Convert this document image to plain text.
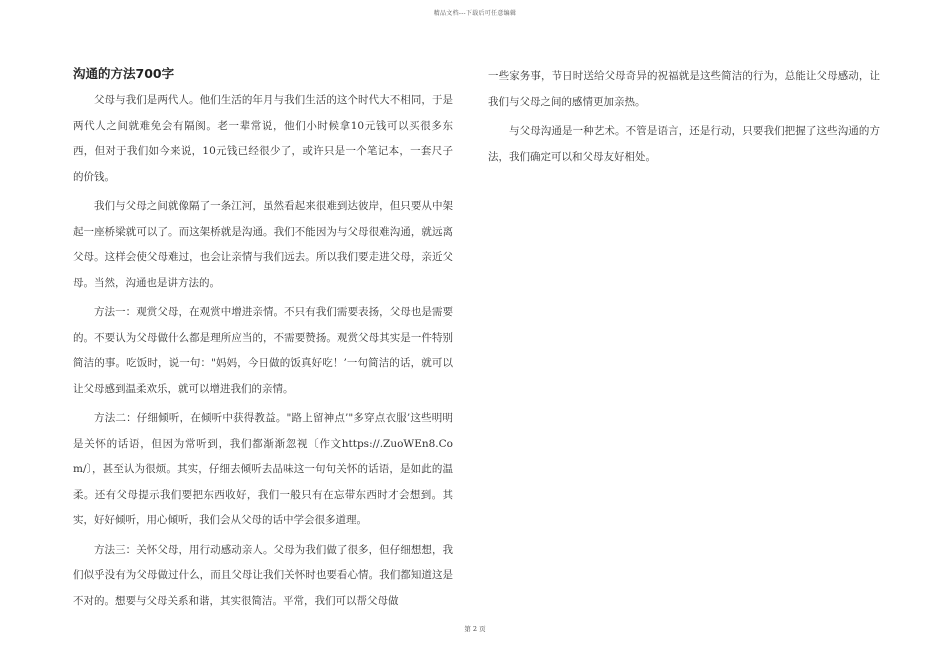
精品文档---下载后可任意编辑
沟通的方法700字

父母与我们是两代人。他们生活的年月与我们生活的这个时代大不相同，于是两代人之间就难免会有隔阂。老一辈常说，他们小时候拿10元钱可以买很多东西，但对于我们如今来说，10元钱已经很少了，或许只是一个笔记本，一套尺子的价钱。

我们与父母之间就像隔了一条江河，虽然看起来很难到达彼岸，但只要从中架起一座桥梁就可以了。而这架桥就是沟通。我们不能因为与父母很难沟通，就远离父母。这样会使父母难过，也会让亲情与我们远去。所以我们要走进父母，亲近父母。当然，沟通也是讲方法的。

方法一：观赏父母，在观赏中增进亲情。不只有我们需要表扬，父母也是需要的。不要认为父母做什么都是理所应当的，不需要赞扬。观赏父母其实是一件特别简洁的事。吃饭时，说一句："妈妈，今日做的饭真好吃！’一句简洁的话，就可以让父母感到温柔欢乐，就可以增进我们的亲情。

方法二：仔细倾听，在倾听中获得教益。"路上留神点’"多穿点衣服’这些明明是关怀的话语，但因为常听到，我们都渐渐忽视〔作文https://.ZuoWEn8.Com/〕，甚至认为很烦。其实，仔细去倾听去品味这一句句关怀的话语，是如此的温柔。还有父母提示我们要把东西收好，我们一般只有在忘带东西时才会想到。其实，好好倾听，用心倾听，我们会从父母的话中学会很多道理。

方法三：关怀父母，用行动感动亲人。父母为我们做了很多，但仔细想想，我们似乎没有为父母做过什么，而且父母让我们关怀时也要看心情。我们都知道这是不对的。想要与父母关系和谐，其实很简洁。平常，我们可以帮父母做

一些家务事，节日时送给父母奇异的祝福就是这些简洁的行为，总能让父母感动，让我们与父母之间的感情更加亲热。

与父母沟通是一种艺术。不管是语言，还是行动，只要我们把握了这些沟通的方法，我们确定可以和父母友好相处。

第 2 页
